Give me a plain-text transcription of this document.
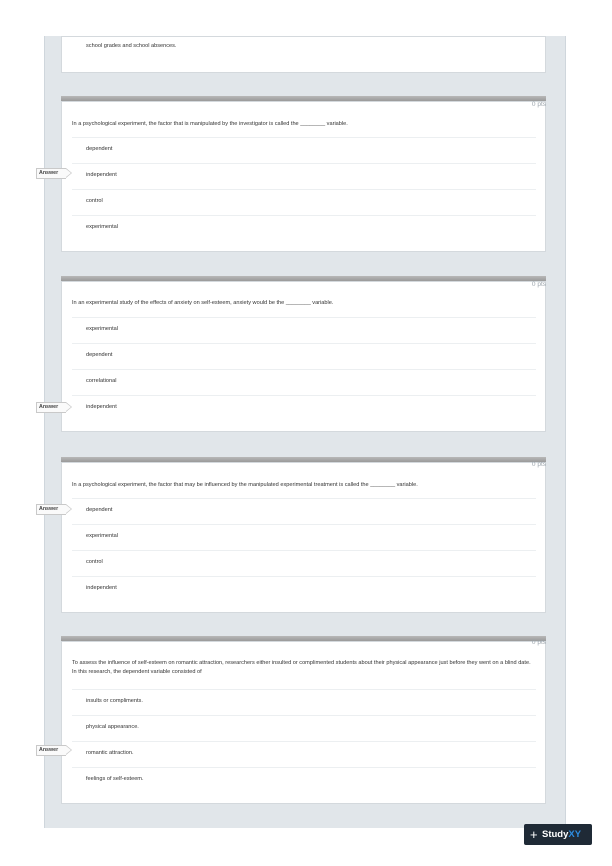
school grades and school absences.
0 pts
In a psychological experiment, the factor that is manipulated by the investigator is called the ________ variable.
dependent
independent
control
experimental
Answer
0 pts
In an experimental study of the effects of anxiety on self-esteem, anxiety would be the ________ variable.
experimental
dependent
correlational
independent
Answer
0 pts
In a psychological experiment, the factor that may be influenced by the manipulated experimental treatment is called the ________ variable.
dependent
experimental
control
independent
Answer
0 pts
To assess the influence of self-esteem on romantic attraction, researchers either insulted or complimented students about their physical appearance just before they went on a blind date. In this research, the dependent variable consisted of
insults or compliments.
physical appearance.
romantic attraction.
feelings of self-esteem.
Answer
+ StudyXY
